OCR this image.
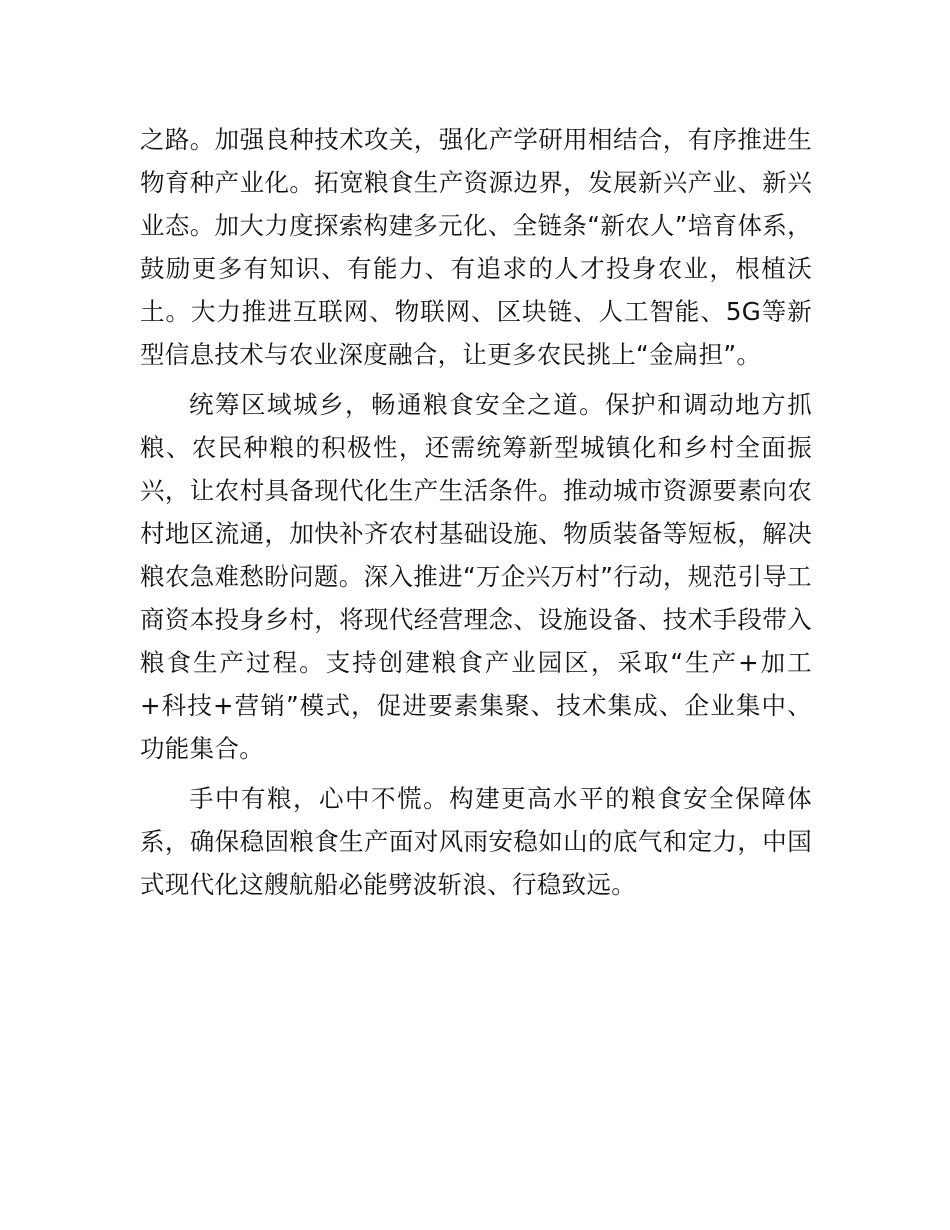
之路。加强良种技术攻关，强化产学研用相结合，有序推进生物育种产业化。拓宽粮食生产资源边界，发展新兴产业、新兴业态。加大力度探索构建多元化、全链条“新农人”培育体系，鼓励更多有知识、有能力、有追求的人才投身农业，根植沃土。大力推进互联网、物联网、区块链、人工智能、5G等新型信息技术与农业深度融合，让更多农民挑上“金扁担”。

统筹区域城乡，畅通粮食安全之道。保护和调动地方抓粮、农民种粮的积极性，还需统筹新型城镇化和乡村全面振兴，让农村具备现代化生产生活条件。推动城市资源要素向农村地区流通，加快补齐农村基础设施、物质装备等短板，解决粮农急难愁盼问题。深入推进“万企兴万村”行动，规范引导工商资本投身乡村，将现代经营理念、设施设备、技术手段带入粮食生产过程。支持创建粮食产业园区，采取“生产+加工+科技+营销”模式，促进要素集聚、技术集成、企业集中、功能集合。

手中有粮，心中不慌。构建更高水平的粮食安全保障体系，确保稳固粮食生产面对风雨安稳如山的底气和定力，中国式现代化这艘航船必能劈波斩浪、行稳致远。
